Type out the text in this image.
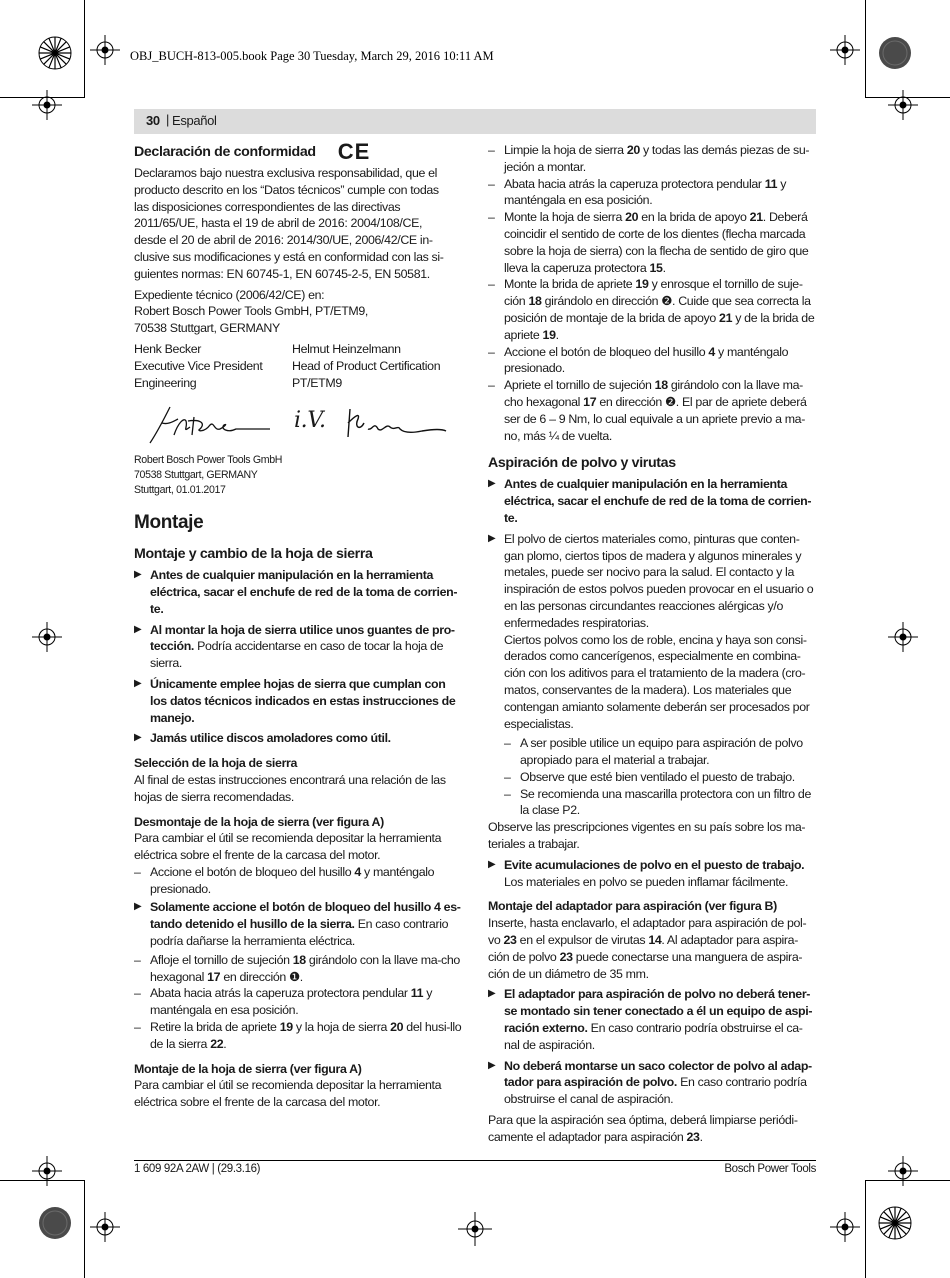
OBJ_BUCH-813-005.book Page 30 Tuesday, March 29, 2016 10:11 AM
30 | Español
Declaración de conformidad CE
Declaramos bajo nuestra exclusiva responsabilidad, que el
producto descrito en los “Datos técnicos” cumple con todas
las disposiciones correspondientes de las directivas
2011/65/UE, hasta el 19 de abril de 2016: 2004/108/CE,
desde el 20 de abril de 2016: 2014/30/UE, 2006/42/CE in-
clusive sus modificaciones y está en conformidad con las si-
guientes normas: EN 60745-1, EN 60745-2-5, EN 50581.
Expediente técnico (2006/42/CE) en:
Robert Bosch Power Tools GmbH, PT/ETM9,
70538 Stuttgart, GERMANY
Henk Becker
Executive Vice President
Engineering
Helmut Heinzelmann
Head of Product Certification
PT/ETM9
i.V.
Robert Bosch Power Tools GmbH
70538 Stuttgart, GERMANY
Stuttgart, 01.01.2017
Montaje
Montaje y cambio de la hoja de sierra
▶ Antes de cualquier manipulación en la herramienta eléctrica, sacar el enchufe de red de la toma de corrien-te.
▶ Al montar la hoja de sierra utilice unos guantes de pro-tección. Podría accidentarse en caso de tocar la hoja de sierra.
▶ Únicamente emplee hojas de sierra que cumplan con los datos técnicos indicados en estas instrucciones de manejo.
▶ Jamás utilice discos amoladores como útil.
Selección de la hoja de sierra

Al final de estas instrucciones encontrará una relación de las hojas de sierra recomendadas.

Desmontaje de la hoja de sierra (ver figura A)

Para cambiar el útil se recomienda depositar la herramienta eléctrica sobre el frente de la carcasa del motor.

– Accione el botón de bloqueo del husillo 4 y manténgalo presionado.
▶ Solamente accione el botón de bloqueo del husillo 4 es-tando detenido el husillo de la sierra. En caso contrario podría dañarse la herramienta eléctrica.
– Afloje el tornillo de sujeción 18 girándolo con la llave ma-cho hexagonal 17 en dirección ❶.
– Abata hacia atrás la caperuza protectora pendular 11 y manténgala en esa posición.
– Retire la brida de apriete 19 y la hoja de sierra 20 del husi-llo de la sierra 22.
Montaje de la hoja de sierra (ver figura A)

Para cambiar el útil se recomienda depositar la herramienta eléctrica sobre el frente de la carcasa del motor.

– Limpie la hoja de sierra 20 y todas las demás piezas de su-jeción a montar.
– Abata hacia atrás la caperuza protectora pendular 11 y manténgala en esa posición.
– Monte la hoja de sierra 20 en la brida de apoyo 21. Deberá coincidir el sentido de corte de los dientes (flecha marcada sobre la hoja de sierra) con la flecha de sentido de giro que lleva la caperuza protectora 15.
– Monte la brida de apriete 19 y enrosque el tornillo de suje-ción 18 girándolo en dirección ❷. Cuide que sea correcta la posición de montaje de la brida de apoyo 21 y de la brida de apriete 19.
– Accione el botón de bloqueo del husillo 4 y manténgalo presionado.
– Apriete el tornillo de sujeción 18 girándolo con la llave ma-cho hexagonal 17 en dirección ❷. El par de apriete deberá ser de 6 – 9 Nm, lo cual equivale a un apriete previo a ma-no, más ¼ de vuelta.
Aspiración de polvo y virutas
▶ Antes de cualquier manipulación en la herramienta eléctrica, sacar el enchufe de red de la toma de corrien-te.
▶ El polvo de ciertos materiales como, pinturas que conten-gan plomo, ciertos tipos de madera y algunos minerales y metales, puede ser nocivo para la salud. El contacto y la inspiración de estos polvos pueden provocar en el usuario o en las personas circundantes reacciones alérgicas y/o enfermedades respiratorias.
Ciertos polvos como los de roble, encina y haya son consi-derados como cancerígenos, especialmente en combina-ción con los aditivos para el tratamiento de la madera (cro-matos, conservantes de la madera). Los materiales que contengan amianto solamente deberán ser procesados por especialistas.
– A ser posible utilice un equipo para aspiración de polvo apropiado para el material a trabajar.
– Observe que esté bien ventilado el puesto de trabajo.
– Se recomienda una mascarilla protectora con un filtro de la clase P2.

Observe las prescripciones vigentes en su país sobre los ma-teriales a trabajar.

▶ Evite acumulaciones de polvo en el puesto de trabajo. Los materiales en polvo se pueden inflamar fácilmente.
Montaje del adaptador para aspiración (ver figura B)

Inserte, hasta enclavarlo, el adaptador para aspiración de pol-vo 23 en el expulsor de virutas 14. Al adaptador para aspira-ción de polvo 23 puede conectarse una manguera de aspira-ción de un diámetro de 35 mm.

▶ El adaptador para aspiración de polvo no deberá tener-se montado sin tener conectado a él un equipo de aspi-ración externo. En caso contrario podría obstruirse el ca-nal de aspiración.
▶ No deberá montarse un saco colector de polvo al adap-tador para aspiración de polvo. En caso contrario podría obstruirse el canal de aspiración.

Para que la aspiración sea óptima, deberá limpiarse periódi-camente el adaptador para aspiración 23.

1 609 92A 2AW | (29.3.16)	Bosch Power Tools
